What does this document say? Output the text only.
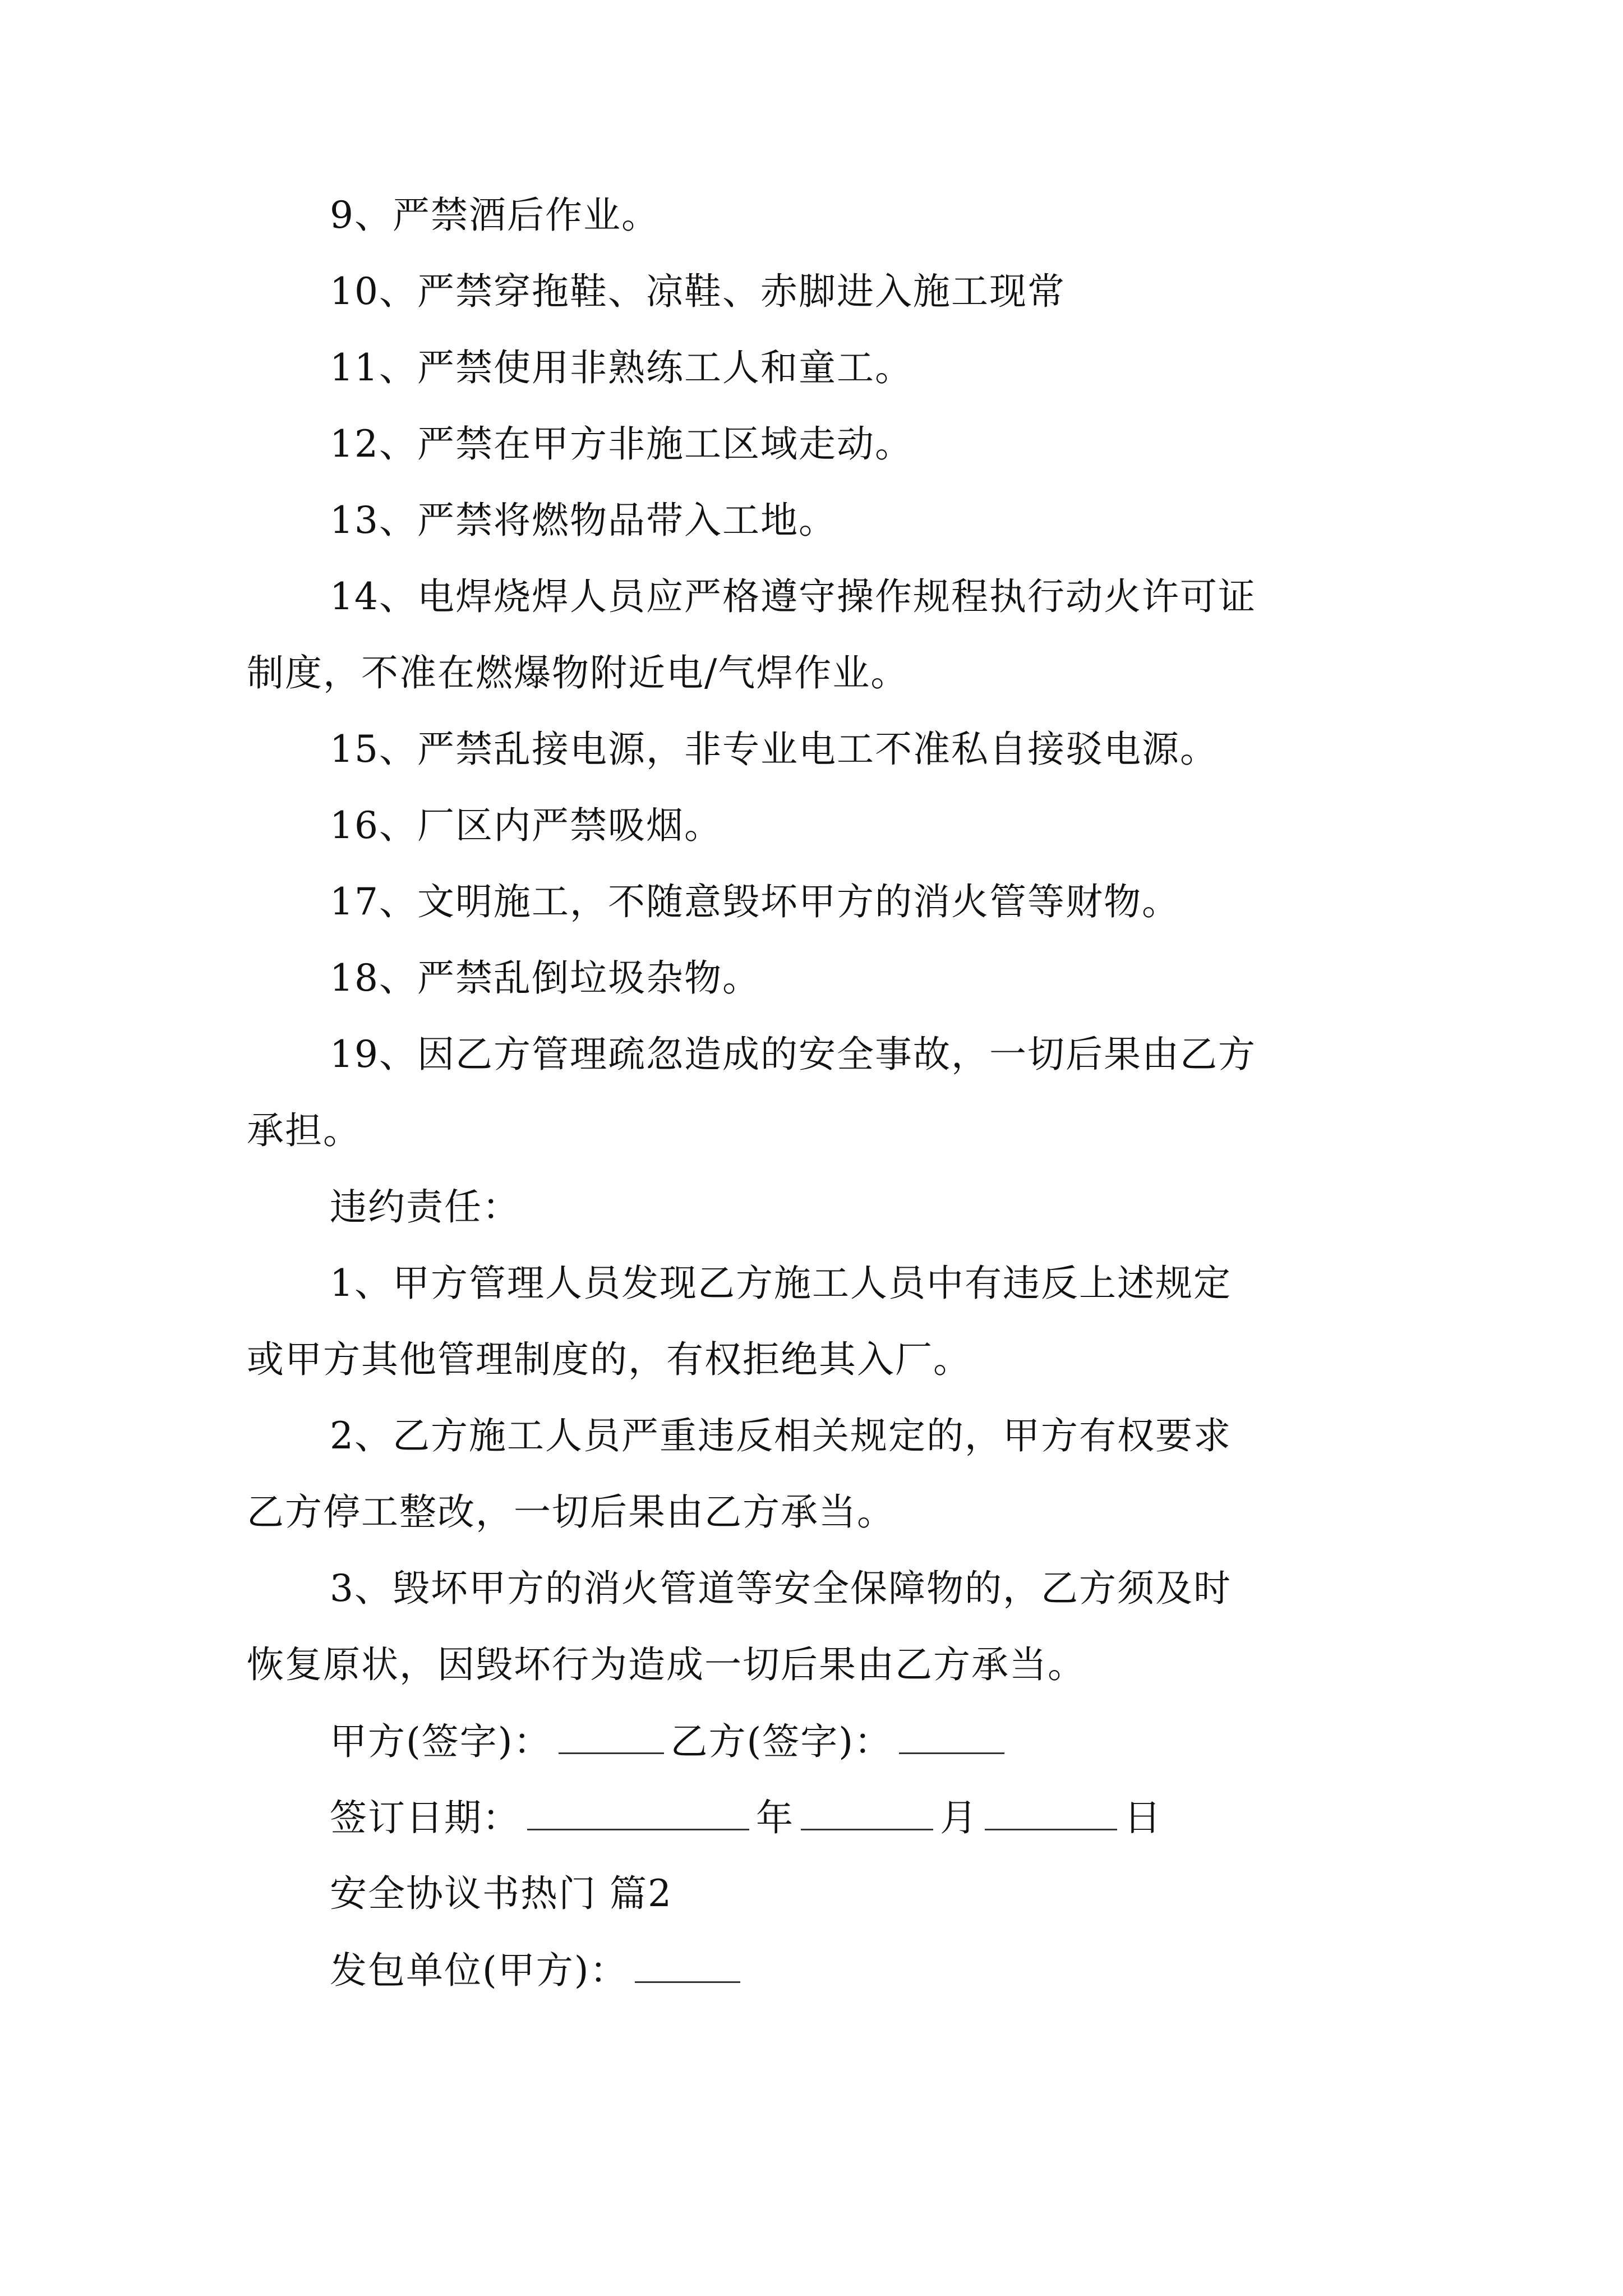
9、严禁酒后作业。
10、严禁穿拖鞋、凉鞋、赤脚进入施工现常
11、严禁使用非熟练工人和童工。
12、严禁在甲方非施工区域走动。
13、严禁将燃物品带入工地。
14、电焊烧焊人员应严格遵守操作规程执行动火许可证
制度，不准在燃爆物附近电/气焊作业。
15、严禁乱接电源，非专业电工不准私自接驳电源。
16、厂区内严禁吸烟。
17、文明施工，不随意毁坏甲方的消火管等财物。
18、严禁乱倒垃圾杂物。
19、因乙方管理疏忽造成的安全事故，一切后果由乙方
承担。
违约责任：
1、甲方管理人员发现乙方施工人员中有违反上述规定
或甲方其他管理制度的，有权拒绝其入厂。
2、乙方施工人员严重违反相关规定的，甲方有权要求
乙方停工整改，一切后果由乙方承当。
3、毁坏甲方的消火管道等安全保障物的，乙方须及时
恢复原状，因毁坏行为造成一切后果由乙方承当。
甲方(签字)：	乙方(签字)：
签订日期：	年	月	日
安全协议书热门 篇2
发包单位(甲方)：
